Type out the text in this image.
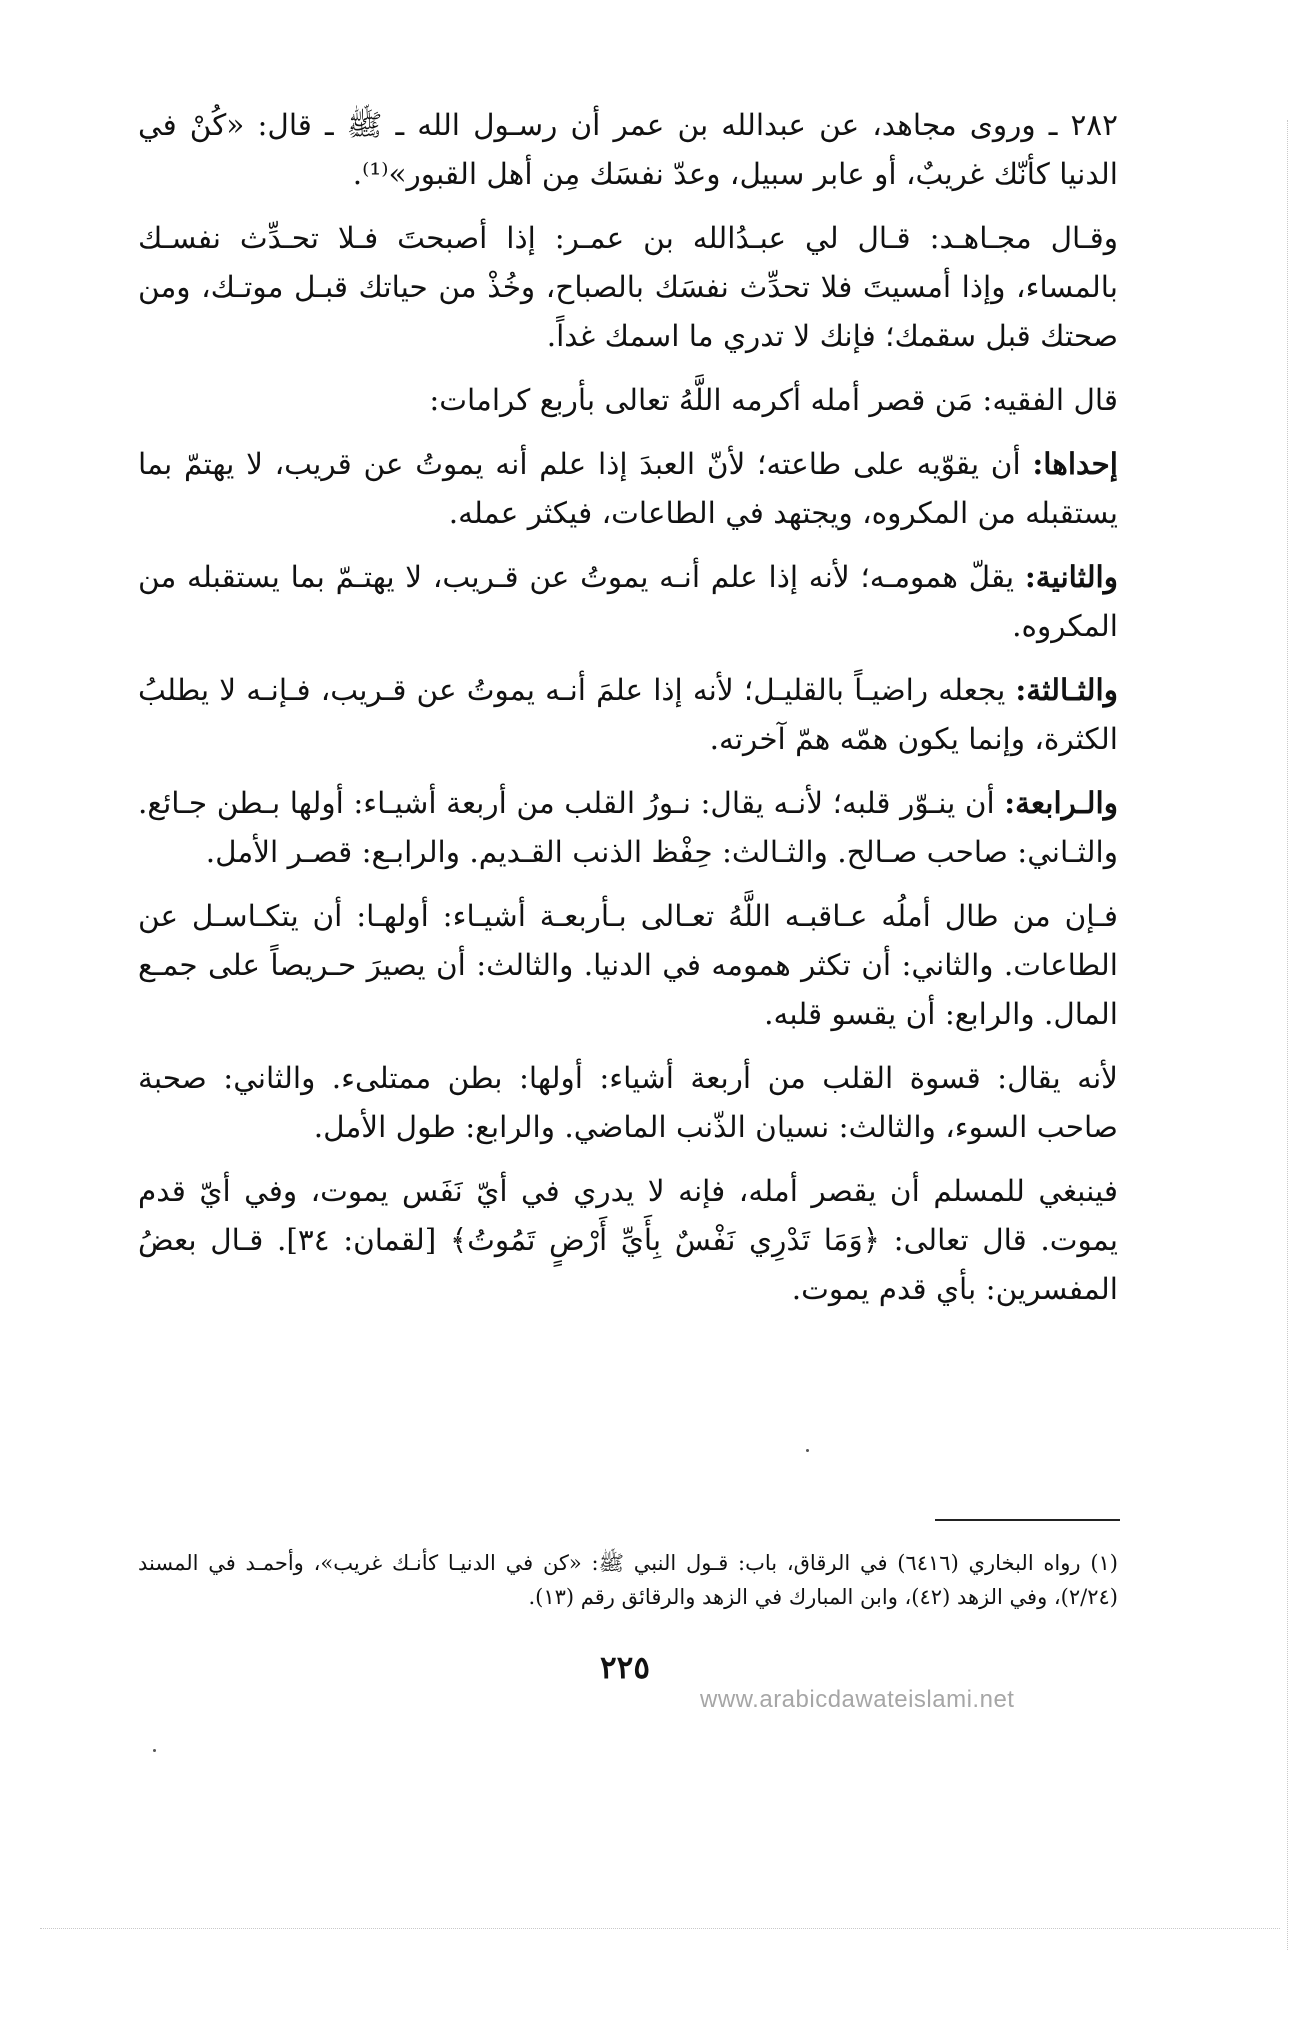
٢٨٢ ـ وروى مجاهد، عن عبدالله بن عمر أن رسـول الله ـ ﷺ ـ قال: «كُنْ في الدنيا كأنّك غريبٌ، أو عابر سبيل، وعدّ نفسَك مِن أهل القبور»⁽¹⁾.

وقـال مجـاهـد: قـال لي عبـدُالله بن عمـر: إذا أصبحتَ فـلا تحـدِّث نفسـك بالمساء، وإذا أمسيتَ فلا تحدِّث نفسَك بالصباح، وخُذْ من حياتك قبـل موتـك، ومن صحتك قبل سقمك؛ فإنك لا تدري ما اسمك غداً.

قال الفقيه: مَن قصر أمله أكرمه اللَّهُ تعالى بأربع كرامات:

إحداها: أن يقوّيه على طاعته؛ لأنّ العبدَ إذا علم أنه يموتُ عن قريب، لا يهتمّ بما يستقبله من المكروه، ويجتهد في الطاعات، فيكثر عمله.

والثانية: يقلّ همومـه؛ لأنه إذا علم أنـه يموتُ عن قـريب، لا يهتـمّ بما يستقبله من المكروه.

والثـالثة: يجعله راضيـاً بالقليـل؛ لأنه إذا علمَ أنـه يموتُ عن قـريب، فـإنـه لا يطلبُ الكثرة، وإنما يكون همّه همّ آخرته.

والـرابعة: أن ينـوّر قلبه؛ لأنـه يقال: نـورُ القلب من أربعة أشيـاء: أولها بـطن جـائع. والثـاني: صاحب صـالح. والثـالث: حِفْظ الذنب القـديم. والرابـع: قصـر الأمل.

فـإن من طال أملُه عـاقبـه اللَّهُ تعـالى بـأربعـة أشيـاء: أولهـا: أن يتكـاسـل عن الطاعات. والثاني: أن تكثر همومه في الدنيا. والثالث: أن يصيرَ حـريصاً على جمـع المال. والرابع: أن يقسو قلبه.

لأنه يقال: قسوة القلب من أربعة أشياء: أولها: بطن ممتلىء. والثاني: صحبة صاحب السوء، والثالث: نسيان الذّنب الماضي. والرابع: طول الأمل.

فينبغي للمسلم أن يقصر أمله، فإنه لا يدري في أيّ نَفَس يموت، وفي أيّ قدم يموت. قال تعالى: ﴿وَمَا تَدْرِي نَفْسٌ بِأَيِّ أَرْضٍ تَمُوتُ﴾ [لقمان: ٣٤]. قـال بعضُ المفسرين: بأي قدم يموت.

(١) رواه البخاري (٦٤١٦) في الرقاق، باب: قـول النبي ﷺ: «كن في الدنيـا كأنـك غريب»، وأحمـد في المسند (٢/٢٤)، وفي الزهد (٤٢)، وابن المبارك في الزهد والرقائق رقم (١٣).
٢٢٥
www.arabicdawateislami.net
